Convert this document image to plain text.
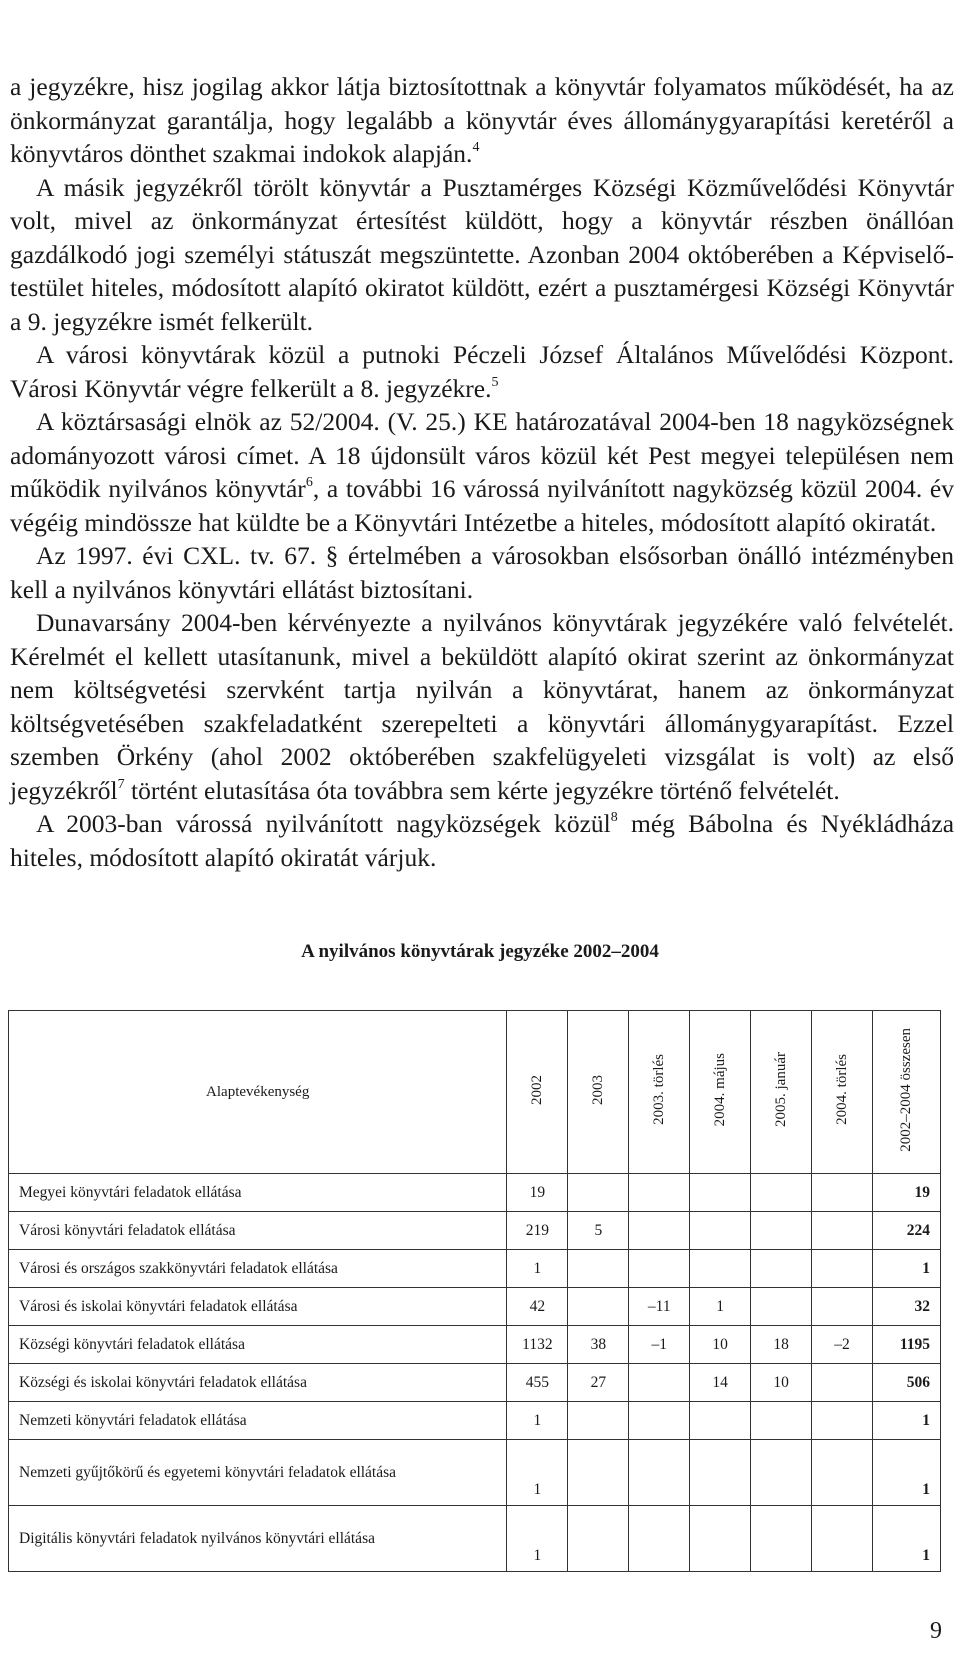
a jegyzékre, hisz jogilag akkor látja biztosítottnak a könyvtár folyamatos működését, ha az önkormányzat garantálja, hogy legalább a könyvtár éves állománygyarapítási keretéről a könyvtáros dönthet szakmai indokok alapján.$^4$

A másik jegyzékről törölt könyvtár a Pusztamérges Községi Közművelődési Könyvtár volt, mivel az önkormányzat értesítést küldött, hogy a könyvtár részben önállóan gazdálkodó jogi személyi státuszát megszüntette. Azonban 2004 októberében a Képviselő-testület hiteles, módosított alapító okiratot küldött, ezért a pusztamérgesi Községi Könyvtár a 9. jegyzékre ismét felkerült.

A városi könyvtárak közül a putnoki Péczeli József Általános Művelődési Központ. Városi Könyvtár végre felkerült a 8. jegyzékre.$^5$

A köztársasági elnök az 52/2004. (V. 25.) KE határozatával 2004-ben 18 nagyközségnek adományozott városi címet. A 18 újdonsült város közül két Pest megyei településen nem működik nyilvános könyvtár$^6$, a további 16 várossá nyilvánított nagyközség közül 2004. év végéig mindössze hat küldte be a Könyvtári Intézetbe a hiteles, módosított alapító okiratát.

Az 1997. évi CXL. tv. 67. § értelmében a városokban elsősorban önálló intézményben kell a nyilvános könyvtári ellátást biztosítani.

Dunavarsány 2004-ben kérvényezte a nyilvános könyvtárak jegyzékére való felvételét. Kérelmét el kellett utasítanunk, mivel a beküldött alapító okirat szerint az önkormányzat nem költségvetési szervként tartja nyilván a könyvtárat, hanem az önkormányzat költségvetésében szakfeladatként szerepelteti a könyvtári állománygyarapítást. Ezzel szemben Örkény (ahol 2002 októberében szakfelügyeleti vizsgálat is volt) az első jegyzékről$^7$ történt elutasítása óta továbbra sem kérte jegyzékre történő felvételét.

A 2003-ban várossá nyilvánított nagyközségek közül$^8$ még Bábolna és Nyékládháza hiteles, módosított alapító okiratát várjuk.

A nyilvános könyvtárak jegyzéke 2002–2004
Alaptevékenység	2002	2003	2003. törlés	2004. május	2005. január	2004. törlés	2002–2004 összesen
Megyei könyvtári feladatok ellátása	19						19
Városi könyvtári feladatok ellátása	219	5					224
Városi és országos szakkönyvtári feladatok ellátása	1						1
Városi és iskolai könyvtári feladatok ellátása	42		–11	1			32
Községi könyvtári feladatok ellátása	1132	38	–1	10	18	–2	1195
Községi és iskolai könyvtári feladatok ellátása	455	27		14	10		506
Nemzeti könyvtári feladatok ellátása	1						1
Nemzeti gyűjtőkörű és egyetemi könyvtári feladatok ellátása	1						1
Digitális könyvtári feladatok nyilvános könyvtári ellátása	1						1
9
